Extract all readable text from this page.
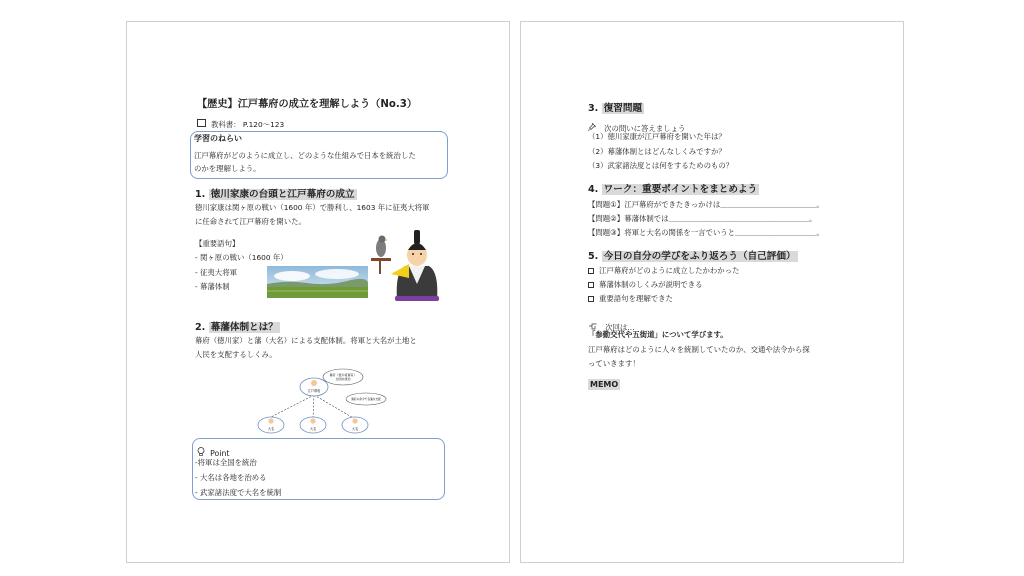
【歴史】江戸幕府の成立を理解しよう（No.3）
教科書： P.120〜123
学習のねらい
江戸幕府がどのように成立し、どのような仕組みで日本を統治した
のかを理解しよう。
1. 徳川家康の台頭と江戸幕府の成立
徳川家康は関ヶ原の戦い（1600 年）で勝利し、1603 年に征夷大将軍
に任命されて江戸幕府を開いた。
【重要語句】
- 関ヶ原の戦い（1600 年）
- 征夷大将軍
- 幕藩体制
2. 幕藩体制とは？
幕府（徳川家）と藩（大名）による支配体制。将軍と大名が土地と
人民を支配するしくみ。
江戸幕府
幕府（徳川将軍家）
全国を統治
幕府の命令で各藩を支配
大名	大名	大名
Point
-将軍は全国を統治
- 大名は各地を治める
- 武家諸法度で大名を統制
3. 復習問題
次の問いに答えましょう
（1）徳川家康が江戸幕府を開いた年は？
（2）幕藩体制とはどんなしくみですか？
（3）武家諸法度とは何をするためのもの？
4. ワーク：重要ポイントをまとめよう
【問題①】江戸幕府ができたきっかけは＿＿＿＿＿＿＿＿＿＿＿＿＿。
【問題②】幕藩体制では＿＿＿＿＿＿＿＿＿＿＿＿＿＿＿＿＿＿＿。
【問題③】将軍と大名の関係を一言でいうと＿＿＿＿＿＿＿＿＿＿＿。
5. 今日の自分の学びをふり返ろう（自己評価）
江戸幕府がどのように成立したかわかった
幕藩体制のしくみが説明できる
重要語句を理解できた
次回は…
「参勤交代や五街道」について学びます。
江戸幕府はどのように人々を統制していたのか、交通や法令から探
っていきます！
MEMO
